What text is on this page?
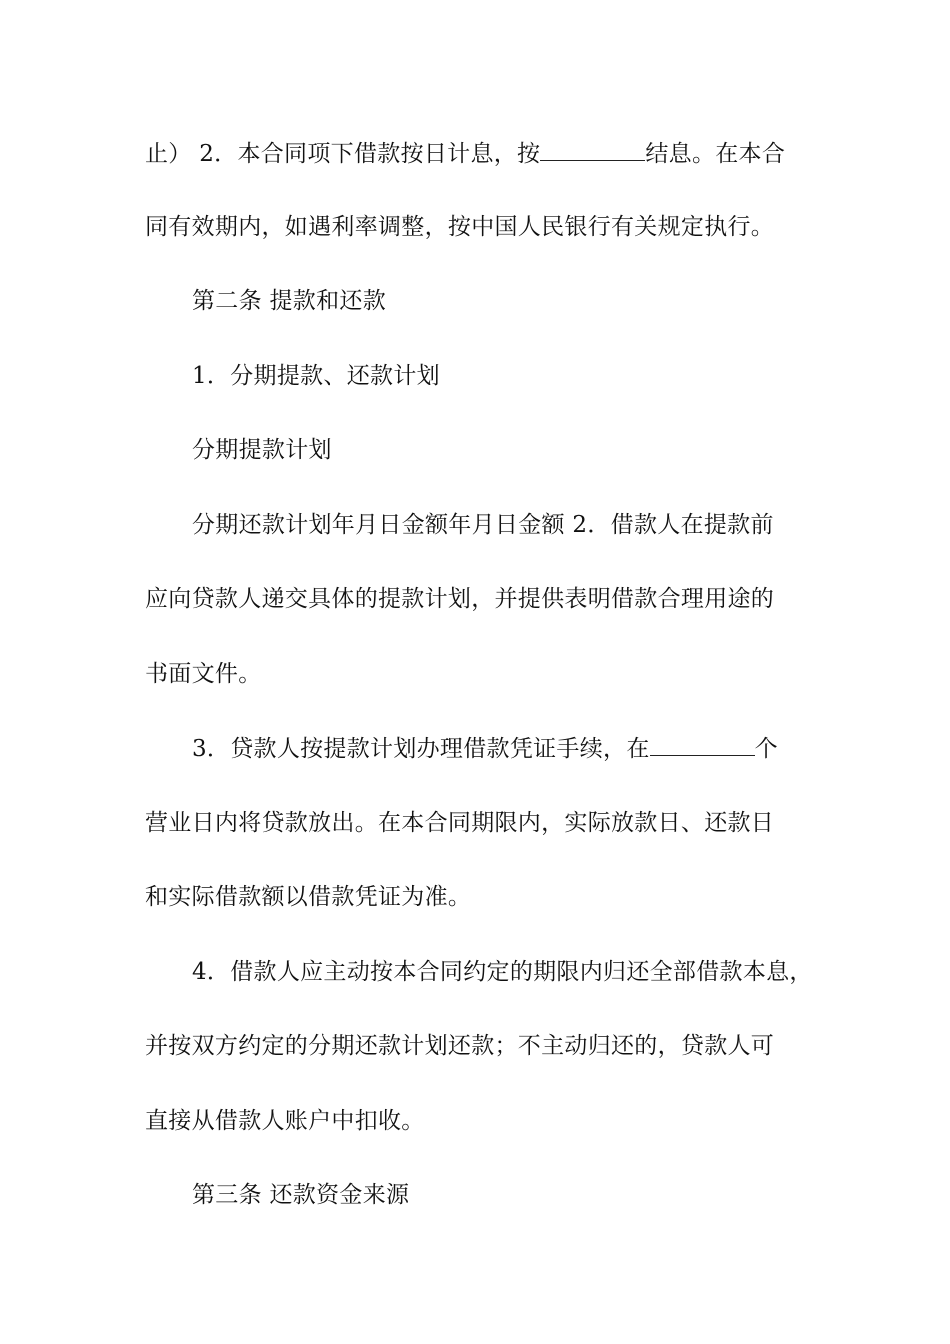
止） 2．本合同项下借款按日计息，按	结息。在本合
同有效期内，如遇利率调整，按中国人民银行有关规定执行。
第二条 提款和还款
1．分期提款、还款计划
分期提款计划
分期还款计划年月日金额年月日金额 2．借款人在提款前
应向贷款人递交具体的提款计划，并提供表明借款合理用途的
书面文件。
3．贷款人按提款计划办理借款凭证手续，在	个
营业日内将贷款放出。在本合同期限内，实际放款日、还款日
和实际借款额以借款凭证为准。
4．借款人应主动按本合同约定的期限内归还全部借款本息，
并按双方约定的分期还款计划还款；不主动归还的，贷款人可
直接从借款人账户中扣收。
第三条 还款资金来源
